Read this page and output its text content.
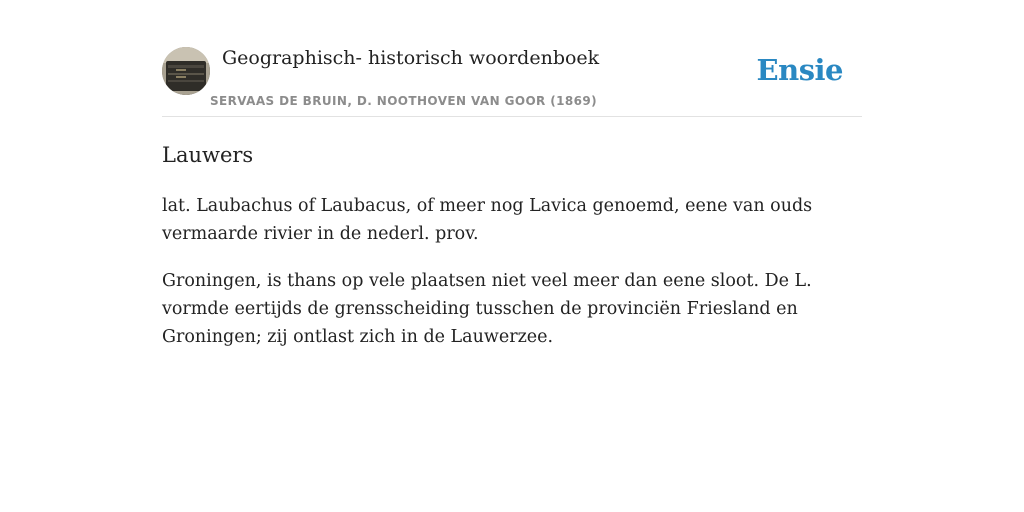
Geographisch- historisch woordenboek
SERVAAS DE BRUIN, D. NOOTHOVEN VAN GOOR (1869)
Ensie
Lauwers

lat. Laubachus of Laubacus, of meer nog Lavica genoemd, eene van ouds vermaarde rivier in de nederl. prov.

Groningen, is thans op vele plaatsen niet veel meer dan eene sloot. De L. vormde eertijds de grensscheiding tusschen de provinciën Friesland en Groningen; zij ontlast zich in de Lauwerzee.
